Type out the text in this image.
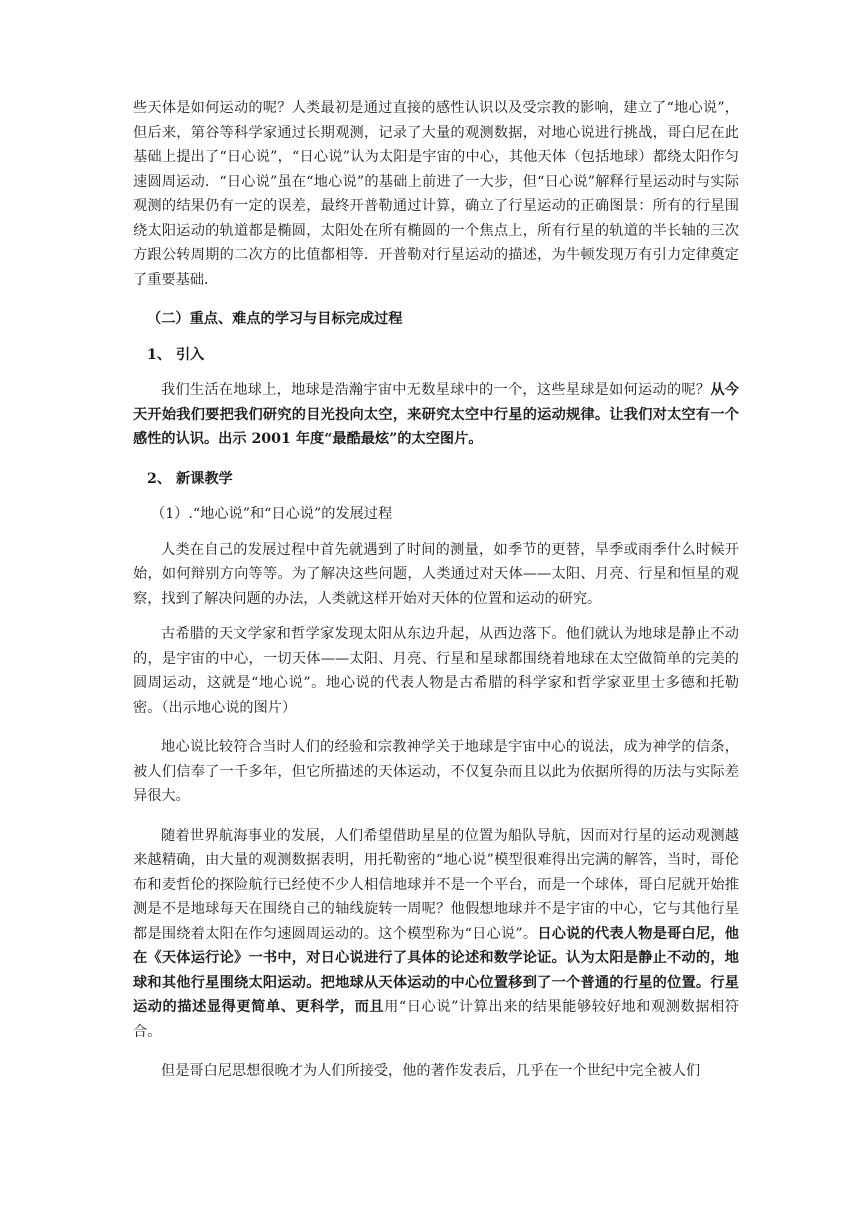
些天体是如何运动的呢？人类最初是通过直接的感性认识以及受宗教的影响，建立了“地心说”，但后来，第谷等科学家通过长期观测，记录了大量的观测数据，对地心说进行挑战，哥白尼在此基础上提出了“日心说”，“日心说”认为太阳是宇宙的中心，其他天体（包括地球）都绕太阳作匀速圆周运动．“日心说”虽在“地心说”的基础上前进了一大步，但“日心说”解释行星运动时与实际观测的结果仍有一定的误差，最终开普勒通过计算，确立了行星运动的正确图景：所有的行星围绕太阳运动的轨道都是椭圆，太阳处在所有椭圆的一个焦点上，所有行星的轨道的半长轴的三次方跟公转周期的二次方的比值都相等．开普勒对行星运动的描述，为牛顿发现万有引力定律奠定了重要基础．

（二）重点、难点的学习与目标完成过程

1、 引入

我们生活在地球上，地球是浩瀚宇宙中无数星球中的一个，这些星球是如何运动的呢？从今天开始我们要把我们研究的目光投向太空，来研究太空中行星的运动规律。让我们对太空有一个感性的认识。出示 2001 年度“最酷最炫”的太空图片。

2、 新课教学

（1）.“地心说”和“日心说”的发展过程

人类在自己的发展过程中首先就遇到了时间的测量，如季节的更替，旱季或雨季什么时候开始，如何辩别方向等等。为了解决这些问题，人类通过对天体——太阳、月亮、行星和恒星的观察，找到了解决问题的办法，人类就这样开始对天体的位置和运动的研究。

古希腊的天文学家和哲学家发现太阳从东边升起，从西边落下。他们就认为地球是静止不动的，是宇宙的中心，一切天体——太阳、月亮、行星和星球都围绕着地球在太空做简单的完美的圆周运动，这就是“地心说”。地心说的代表人物是古希腊的科学家和哲学家亚里士多德和托勒密。（出示地心说的图片）

地心说比较符合当时人们的经验和宗教神学关于地球是宇宙中心的说法，成为神学的信条，被人们信奉了一千多年，但它所描述的天体运动，不仅复杂而且以此为依据所得的历法与实际差异很大。

随着世界航海事业的发展，人们希望借助星星的位置为船队导航，因而对行星的运动观测越来越精确，由大量的观测数据表明，用托勒密的“地心说”模型很难得出完满的解答，当时，哥伦布和麦哲伦的探险航行已经使不少人相信地球并不是一个平台，而是一个球体，哥白尼就开始推测是不是地球每天在围绕自己的轴线旋转一周呢？他假想地球并不是宇宙的中心，它与其他行星都是围绕着太阳在作匀速圆周运动的。这个模型称为“日心说”。日心说的代表人物是哥白尼，他在《天体运行论》一书中，对日心说进行了具体的论述和数学论证。认为太阳是静止不动的，地球和其他行星围绕太阳运动。把地球从天体运动的中心位置移到了一个普通的行星的位置。行星运动的描述显得更简单、更科学，而且用“日心说”计算出来的结果能够较好地和观测数据相符合。

但是哥白尼思想很晚才为人们所接受，他的著作发表后，几乎在一个世纪中完全被人们
